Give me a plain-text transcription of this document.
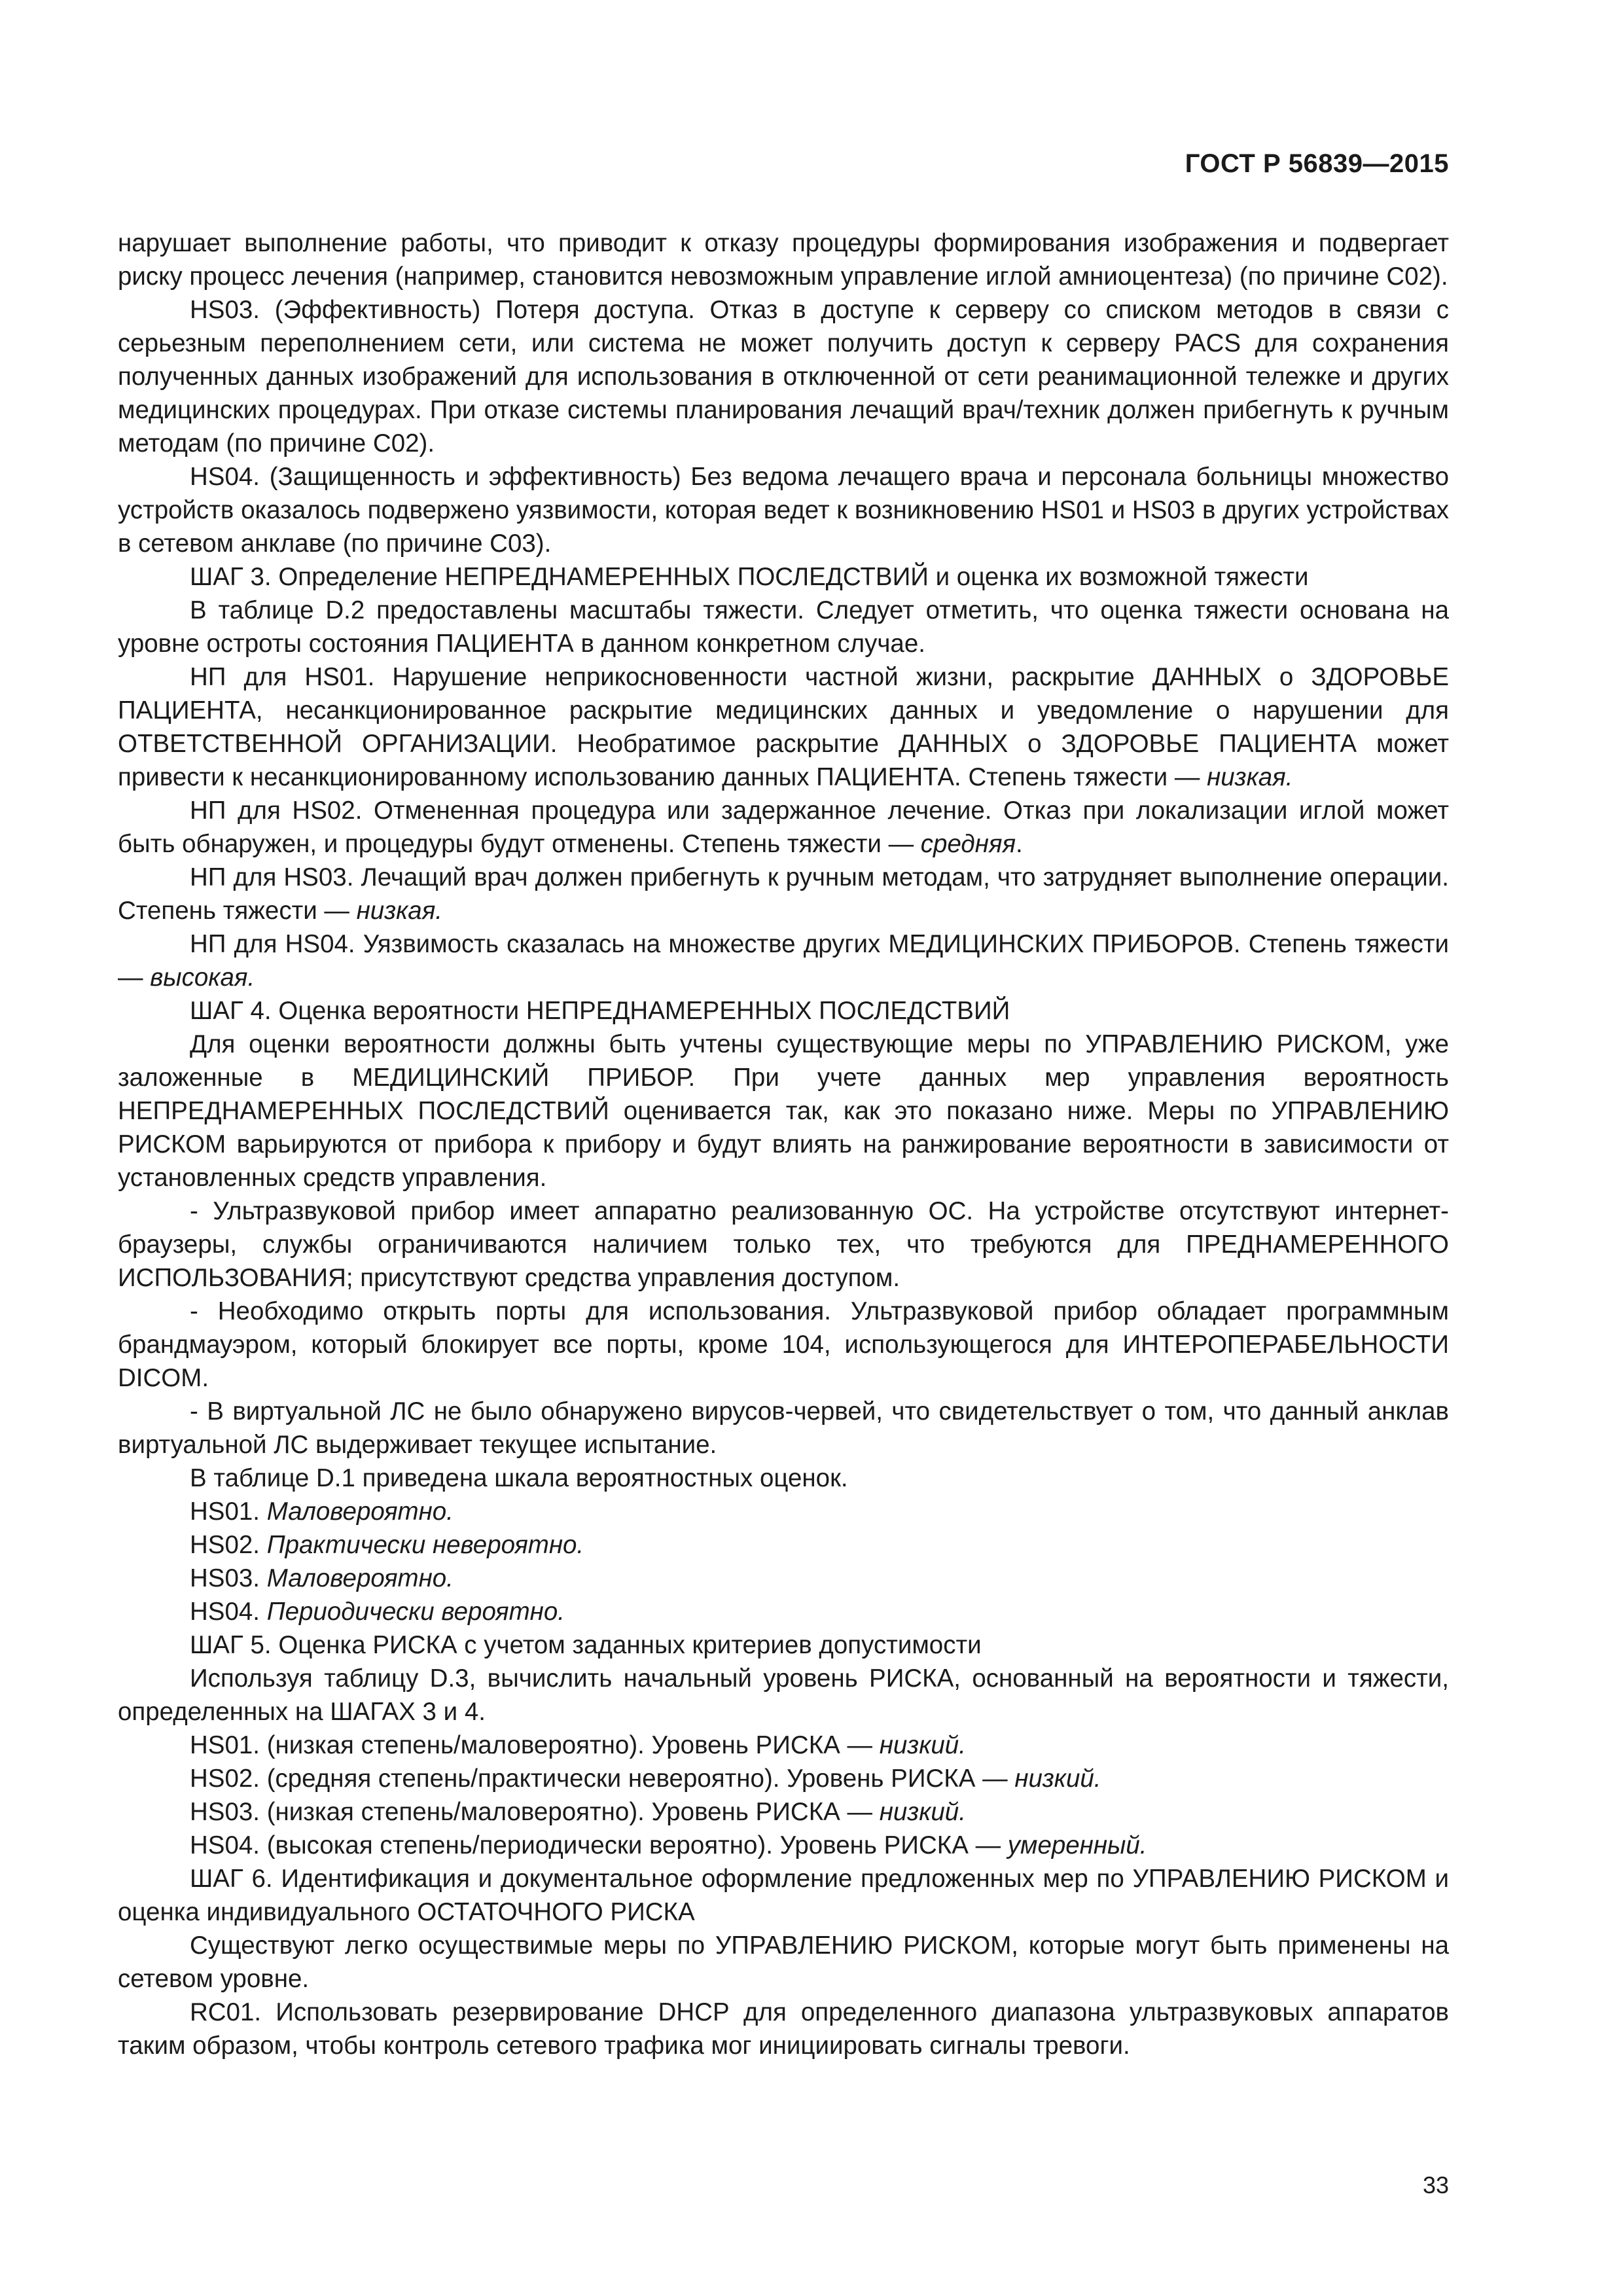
ГОСТ Р 56839—2015

нарушает выполнение работы, что приводит к отказу процедуры формирования изображения и подвергает риску процесс лечения (например, становится невозможным управление иглой амниоцентеза) (по причине С02).

HS03. (Эффективность) Потеря доступа. Отказ в доступе к серверу со списком методов в связи с серьезным переполнением сети, или система не может получить доступ к серверу PACS для сохранения полученных данных изображений для использования в отключенной от сети реанимационной тележке и других медицинских процедурах. При отказе системы планирования лечащий врач/техник должен прибегнуть к ручным методам (по причине С02).

HS04. (Защищенность и эффективность) Без ведома лечащего врача и персонала больницы множество устройств оказалось подвержено уязвимости, которая ведет к возникновению HS01 и HS03 в других устройствах в сетевом анклаве (по причине С03).

ШАГ 3. Определение НЕПРЕДНАМЕРЕННЫХ ПОСЛЕДСТВИЙ и оценка их возможной тяжести

В таблице D.2 предоставлены масштабы тяжести. Следует отметить, что оценка тяжести основана на уровне остроты состояния ПАЦИЕНТА в данном конкретном случае.

НП для HS01. Нарушение неприкосновенности частной жизни, раскрытие ДАННЫХ о ЗДОРОВЬЕ ПАЦИЕНТА, несанкционированное раскрытие медицинских данных и уведомление о нарушении для ОТВЕТСТВЕННОЙ ОРГАНИЗАЦИИ. Необратимое раскрытие ДАННЫХ о ЗДОРОВЬЕ ПАЦИЕНТА может привести к несанкционированному использованию данных ПАЦИЕНТА. Степень тяжести — низкая.

НП для HS02. Отмененная процедура или задержанное лечение. Отказ при локализации иглой может быть обнаружен, и процедуры будут отменены. Степень тяжести — средняя.

НП для HS03. Лечащий врач должен прибегнуть к ручным методам, что затрудняет выполнение операции. Степень тяжести — низкая.

НП для HS04. Уязвимость сказалась на множестве других МЕДИЦИНСКИХ ПРИБОРОВ. Степень тяжести — высокая.

ШАГ 4. Оценка вероятности НЕПРЕДНАМЕРЕННЫХ ПОСЛЕДСТВИЙ

Для оценки вероятности должны быть учтены существующие меры по УПРАВЛЕНИЮ РИСКОМ, уже заложенные в МЕДИЦИНСКИЙ ПРИБОР. При учете данных мер управления вероятность НЕПРЕДНАМЕРЕННЫХ ПОСЛЕДСТВИЙ оценивается так, как это показано ниже. Меры по УПРАВЛЕНИЮ РИСКОМ варьируются от прибора к прибору и будут влиять на ранжирование вероятности в зависимости от установленных средств управления.

- Ультразвуковой прибор имеет аппаратно реализованную ОС. На устройстве отсутствуют интернет-браузеры, службы ограничиваются наличием только тех, что требуются для ПРЕДНАМЕРЕННОГО ИСПОЛЬЗОВАНИЯ; присутствуют средства управления доступом.

- Необходимо открыть порты для использования. Ультразвуковой прибор обладает программным брандмауэром, который блокирует все порты, кроме 104, использующегося для ИНТЕРОПЕРАБЕЛЬНОСТИ DICOM.

- В виртуальной ЛС не было обнаружено вирусов-червей, что свидетельствует о том, что данный анклав виртуальной ЛС выдерживает текущее испытание.

В таблице D.1 приведена шкала вероятностных оценок.

HS01. Маловероятно.

HS02. Практически невероятно.

HS03. Маловероятно.

HS04. Периодически вероятно.

ШАГ 5. Оценка РИСКА с учетом заданных критериев допустимости

Используя таблицу D.3, вычислить начальный уровень РИСКА, основанный на вероятности и тяжести, определенных на ШАГАХ 3 и 4.

HS01. (низкая степень/маловероятно). Уровень РИСКА — низкий.

HS02. (средняя степень/практически невероятно). Уровень РИСКА — низкий.

HS03. (низкая степень/маловероятно). Уровень РИСКА — низкий.

HS04. (высокая степень/периодически вероятно). Уровень РИСКА — умеренный.

ШАГ 6. Идентификация и документальное оформление предложенных мер по УПРАВЛЕНИЮ РИСКОМ и оценка индивидуального ОСТАТОЧНОГО РИСКА

Существуют легко осуществимые меры по УПРАВЛЕНИЮ РИСКОМ, которые могут быть применены на сетевом уровне.

RC01. Использовать резервирование DHCP для определенного диапазона ультразвуковых аппаратов таким образом, чтобы контроль сетевого трафика мог инициировать сигналы тревоги.

33
